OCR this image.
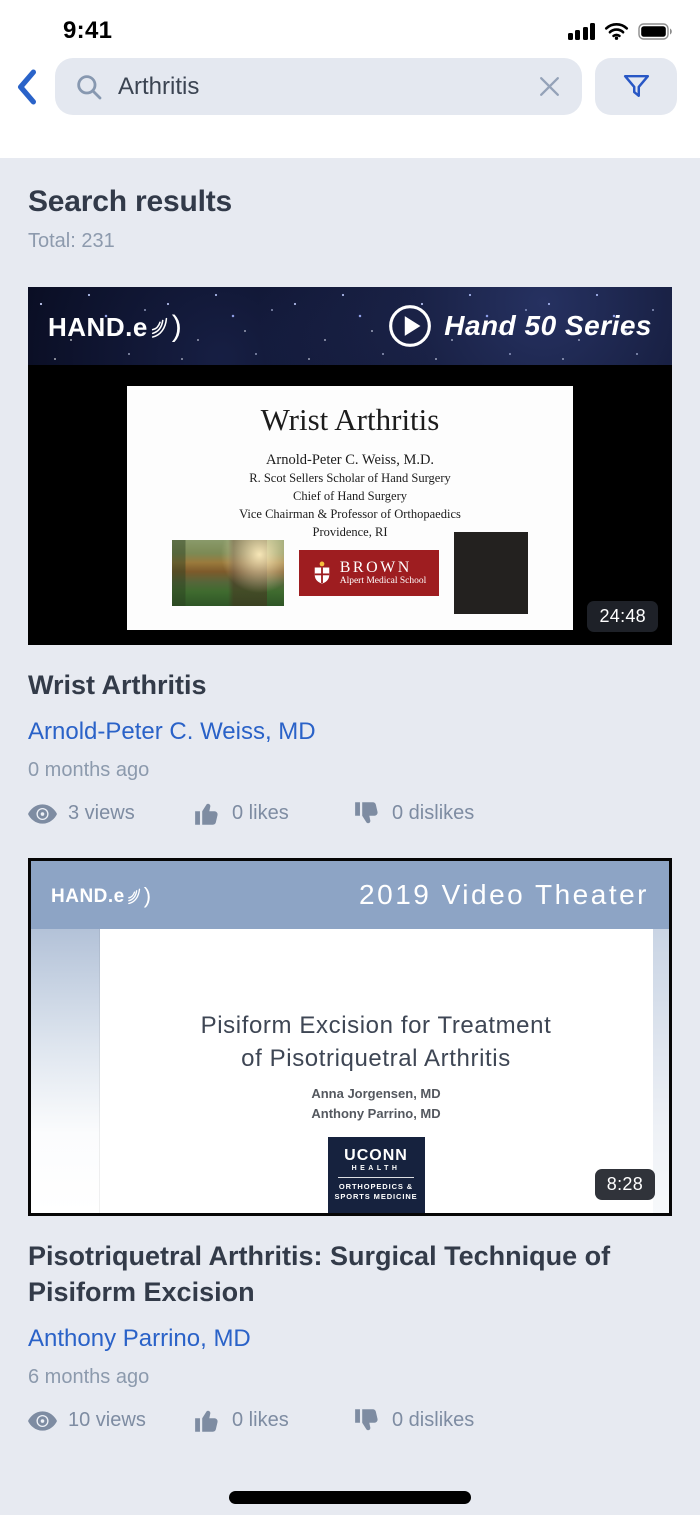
9:41
Arthritis
Search results
Total: 231
HAND.e )	Hand 50 Series
Wrist Arthritis
Arnold-Peter C. Weiss, M.D.
R. Scot Sellers Scholar of Hand Surgery
Chief of Hand Surgery
Vice Chairman & Professor of Orthopaedics
Providence, RI
BROWN
Alpert Medical School
24:48
Wrist Arthritis
Arnold-Peter C. Weiss, MD
0 months ago
3 views	0 likes	0 dislikes
HAND.e )	2019 Video Theater
Pisiform Excision for Treatment
of Pisotriquetral Arthritis
Anna Jorgensen, MD
Anthony Parrino, MD
UCONN
HEALTH
ORTHOPEDICS &
SPORTS MEDICINE
8:28
Pisotriquetral Arthritis: Surgical Technique of Pisiform Excision
Anthony Parrino, MD
6 months ago
10 views	0 likes	0 dislikes
